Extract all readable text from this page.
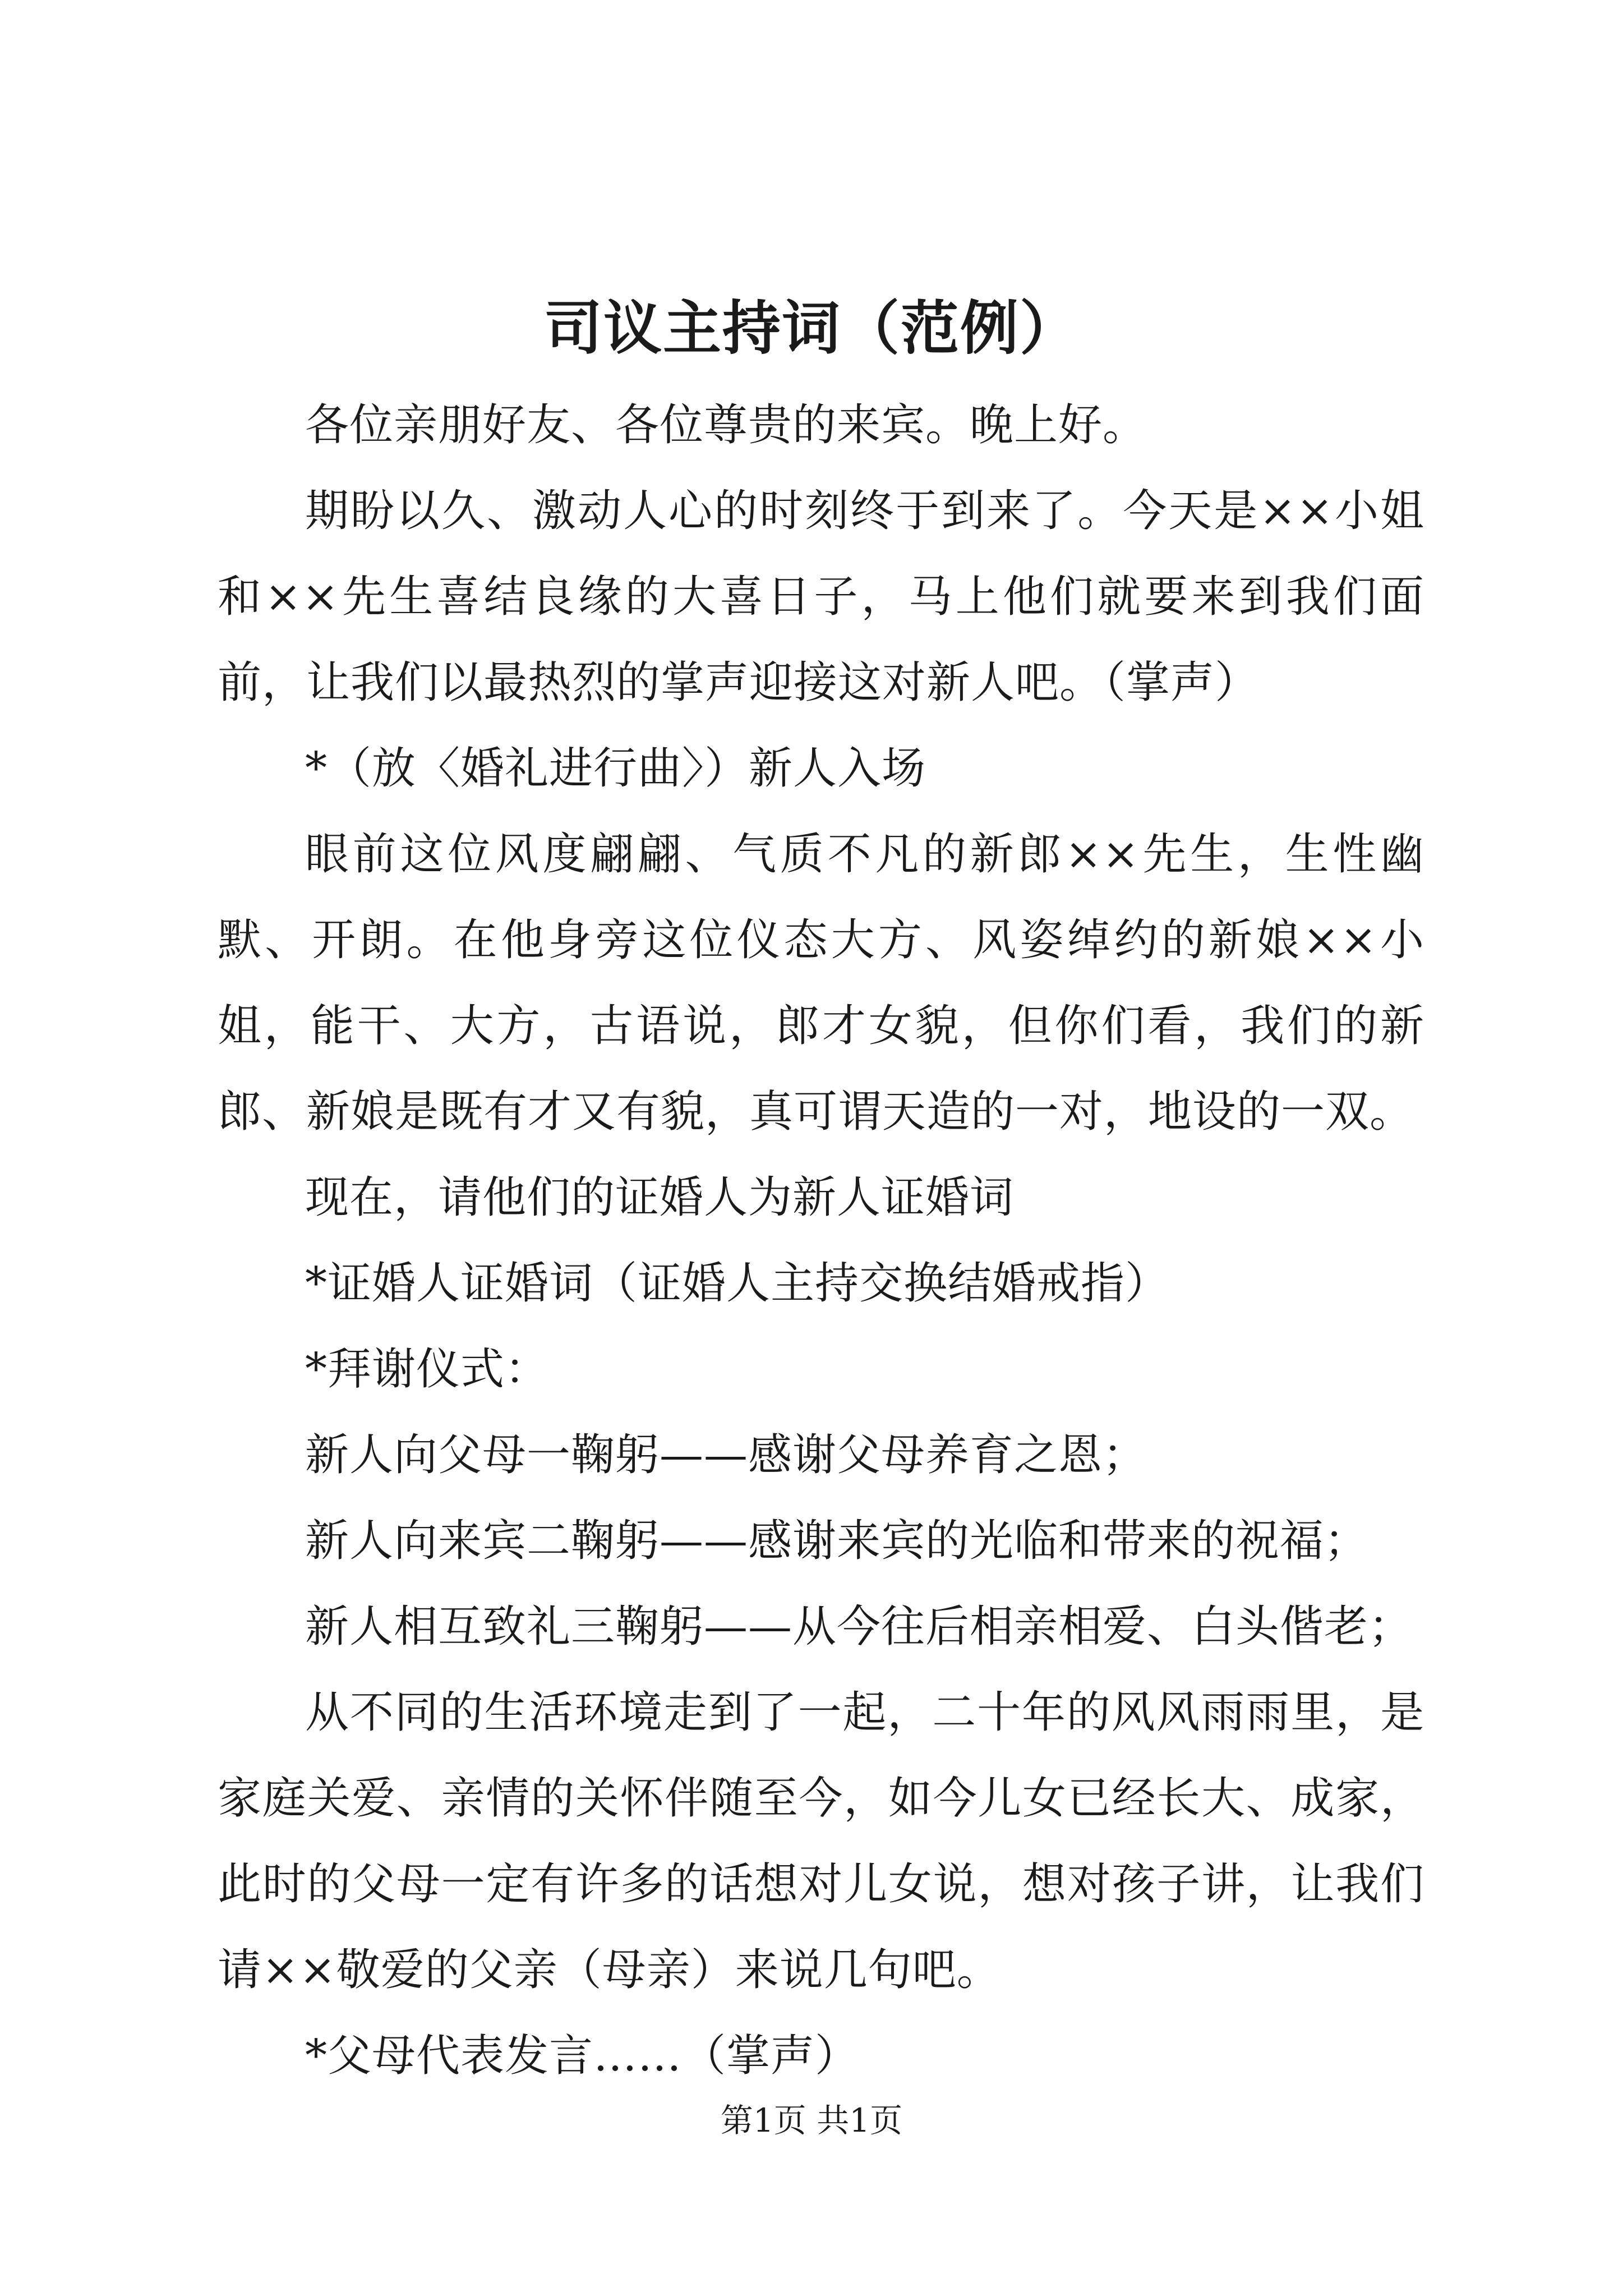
司议主持词（范例）

各位亲朋好友、各位尊贵的来宾。晚上好。

期盼以久、激动人心的时刻终于到来了。今天是××小姐和××先生喜结良缘的大喜日子，马上他们就要来到我们面前，让我们以最热烈的掌声迎接这对新人吧。（掌声）

*（放〈婚礼进行曲〉）新人入场

眼前这位风度翩翩、气质不凡的新郎××先生，生性幽默、开朗。在他身旁这位仪态大方、风姿绰约的新娘××小姐，能干、大方，古语说，郎才女貌，但你们看，我们的新郎、新娘是既有才又有貌，真可谓天造的一对，地设的一双。

现在，请他们的证婚人为新人证婚词

*证婚人证婚词（证婚人主持交换结婚戒指）

*拜谢仪式：

新人向父母一鞠躬——感谢父母养育之恩；

新人向来宾二鞠躬——感谢来宾的光临和带来的祝福；

新人相互致礼三鞠躬——从今往后相亲相爱、白头偕老；

从不同的生活环境走到了一起，二十年的风风雨雨里，是家庭关爱、亲情的关怀伴随至今，如今儿女已经长大、成家，此时的父母一定有许多的话想对儿女说，想对孩子讲，让我们请××敬爱的父亲（母亲）来说几句吧。

*父母代表发言……（掌声）

第1页 共1页
